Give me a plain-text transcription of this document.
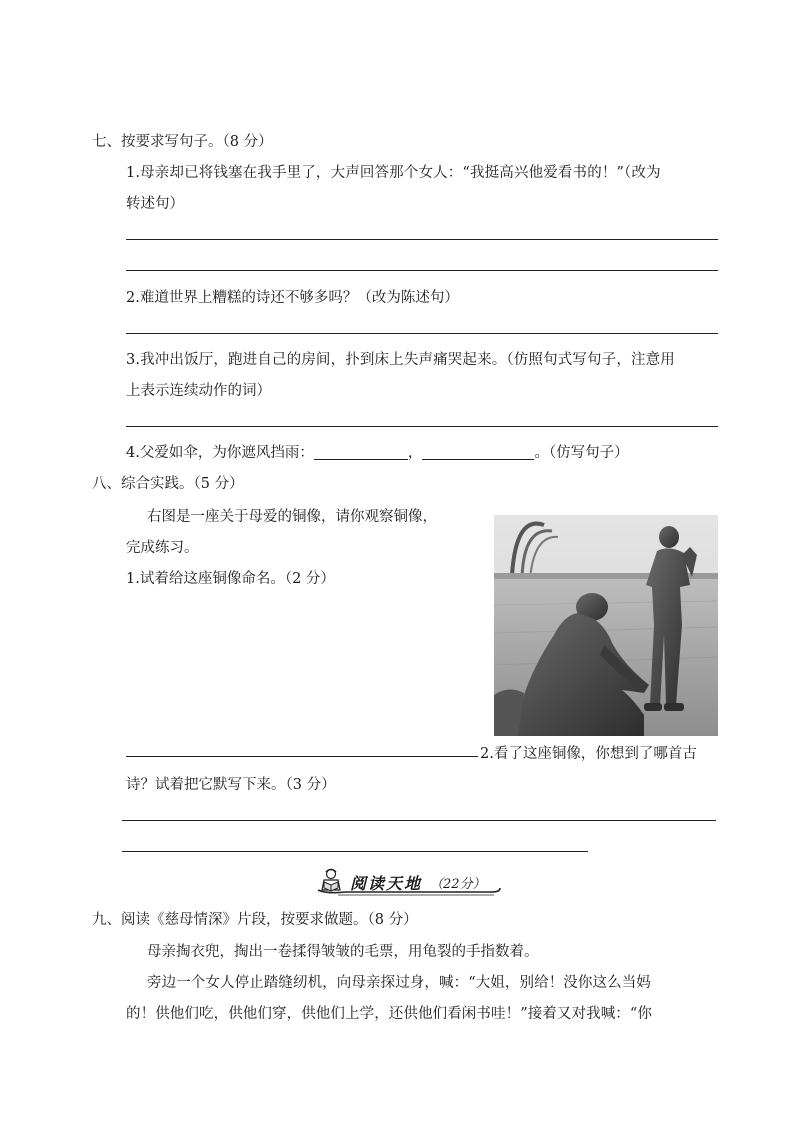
七、按要求写句子。（8 分）
1.母亲却已将钱塞在我手里了，大声回答那个女人：“我挺高兴他爱看书的！”（改为
转述句）
2.难道世界上糟糕的诗还不够多吗？（改为陈述句）
3.我冲出饭厅，跑进自己的房间，扑到床上失声痛哭起来。（仿照句式写句子，注意用
上表示连续动作的词）
4.父爱如伞，为你遮风挡雨：	，	。（仿写句子）
八、综合实践。（5 分）
右图是一座关于母爱的铜像，请你观察铜像，
完成练习。
1.试着给这座铜像命名。（2 分）
2.看了这座铜像，你想到了哪首古
诗？试着把它默写下来。（3 分）
阅读天地 （22分）
九、阅读《慈母情深》片段，按要求做题。（8 分）
母亲掏衣兜，掏出一卷揉得皱皱的毛票，用龟裂的手指数着。
旁边一个女人停止踏缝纫机，向母亲探过身，喊：“大姐，别给！没你这么当妈
的！供他们吃，供他们穿，供他们上学，还供他们看闲书哇！”接着又对我喊：“你
